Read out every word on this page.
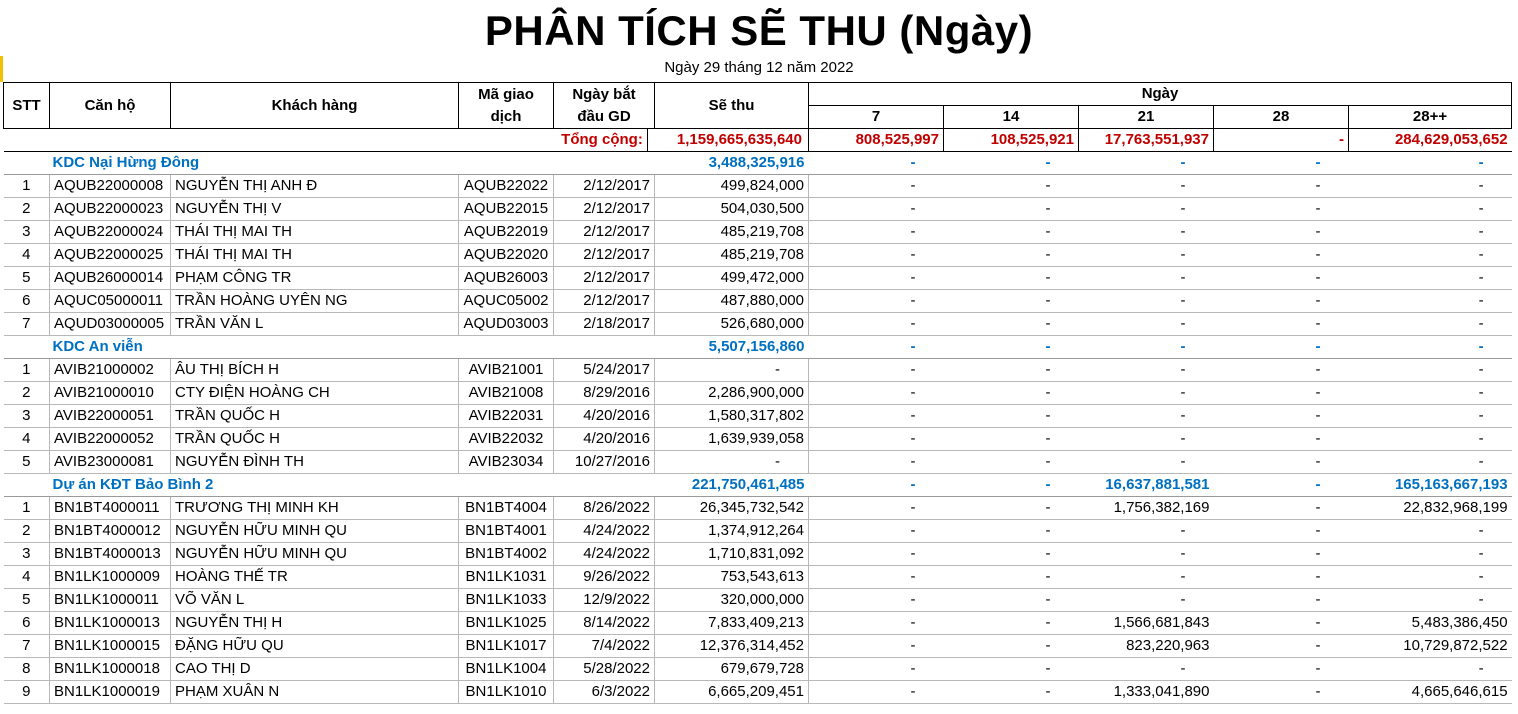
PHÂN TÍCH SẼ THU (Ngày)
Ngày 29 tháng 12 năm 2022
STT	Căn hộ	Khách hàng	Mã giao dịch	Ngày bắt đầu GD	Sẽ thu	Ngày				
						7	14	21	28	28++
Tổng cộng: 1,159,665,635,640						808,525,997	108,525,921	17,763,551,937	-	284,629,053,652
KDC Nại Hừng Đông					3,488,325,916	-	-	-	-	-
1	AQUB22000008	NGUYỄN THỊ ANH Đ	AQUB22022	2/12/2017	499,824,000	-	-	-	-	-
2	AQUB22000023	NGUYỄN THỊ V	AQUB22015	2/12/2017	504,030,500	-	-	-	-	-
3	AQUB22000024	THÁI THỊ MAI TH	AQUB22019	2/12/2017	485,219,708	-	-	-	-	-
4	AQUB22000025	THÁI THỊ MAI TH	AQUB22020	2/12/2017	485,219,708	-	-	-	-	-
5	AQUB26000014	PHẠM CÔNG TR	AQUB26003	2/12/2017	499,472,000	-	-	-	-	-
6	AQUC05000011	TRẦN HOÀNG UYÊN NG	AQUC05002	2/12/2017	487,880,000	-	-	-	-	-
7	AQUD03000005	TRẦN VĂN L	AQUD03003	2/18/2017	526,680,000	-	-	-	-	-
KDC An viễn					5,507,156,860	-	-	-	-	-
1	AVIB21000002	ÂU THỊ BÍCH H	AVIB21001	5/24/2017	-	-	-	-	-	-
2	AVIB21000010	CTY ĐIỆN HOÀNG CH	AVIB21008	8/29/2016	2,286,900,000	-	-	-	-	-
3	AVIB22000051	TRẦN QUỐC H	AVIB22031	4/20/2016	1,580,317,802	-	-	-	-	-
4	AVIB22000052	TRẦN QUỐC H	AVIB22032	4/20/2016	1,639,939,058	-	-	-	-	-
5	AVIB23000081	NGUYỄN ĐÌNH TH	AVIB23034	10/27/2016	-	-	-	-	-	-
Dự án KĐT Bảo Bình 2					221,750,461,485	-	-	16,637,881,581	-	165,163,667,193
1	BN1BT4000011	TRƯƠNG THỊ MINH KH	BN1BT4004	8/26/2022	26,345,732,542	-	-	1,756,382,169	-	22,832,968,199
2	BN1BT4000012	NGUYỄN HỮU MINH QU	BN1BT4001	4/24/2022	1,374,912,264	-	-	-	-	-
3	BN1BT4000013	NGUYỄN HỮU MINH QU	BN1BT4002	4/24/2022	1,710,831,092	-	-	-	-	-
4	BN1LK1000009	HOÀNG THẾ TR	BN1LK1031	9/26/2022	753,543,613	-	-	-	-	-
5	BN1LK1000011	VÕ VĂN L	BN1LK1033	12/9/2022	320,000,000	-	-	-	-	-
6	BN1LK1000013	NGUYỄN THỊ H	BN1LK1025	8/14/2022	7,833,409,213	-	-	1,566,681,843	-	5,483,386,450
7	BN1LK1000015	ĐẶNG HỮU QU	BN1LK1017	7/4/2022	12,376,314,452	-	-	823,220,963	-	10,729,872,522
8	BN1LK1000018	CAO THỊ D	BN1LK1004	5/28/2022	679,679,728	-	-	-	-	-
9	BN1LK1000019	PHẠM XUÂN N	BN1LK1010	6/3/2022	6,665,209,451	-	-	1,333,041,890	-	4,665,646,615
